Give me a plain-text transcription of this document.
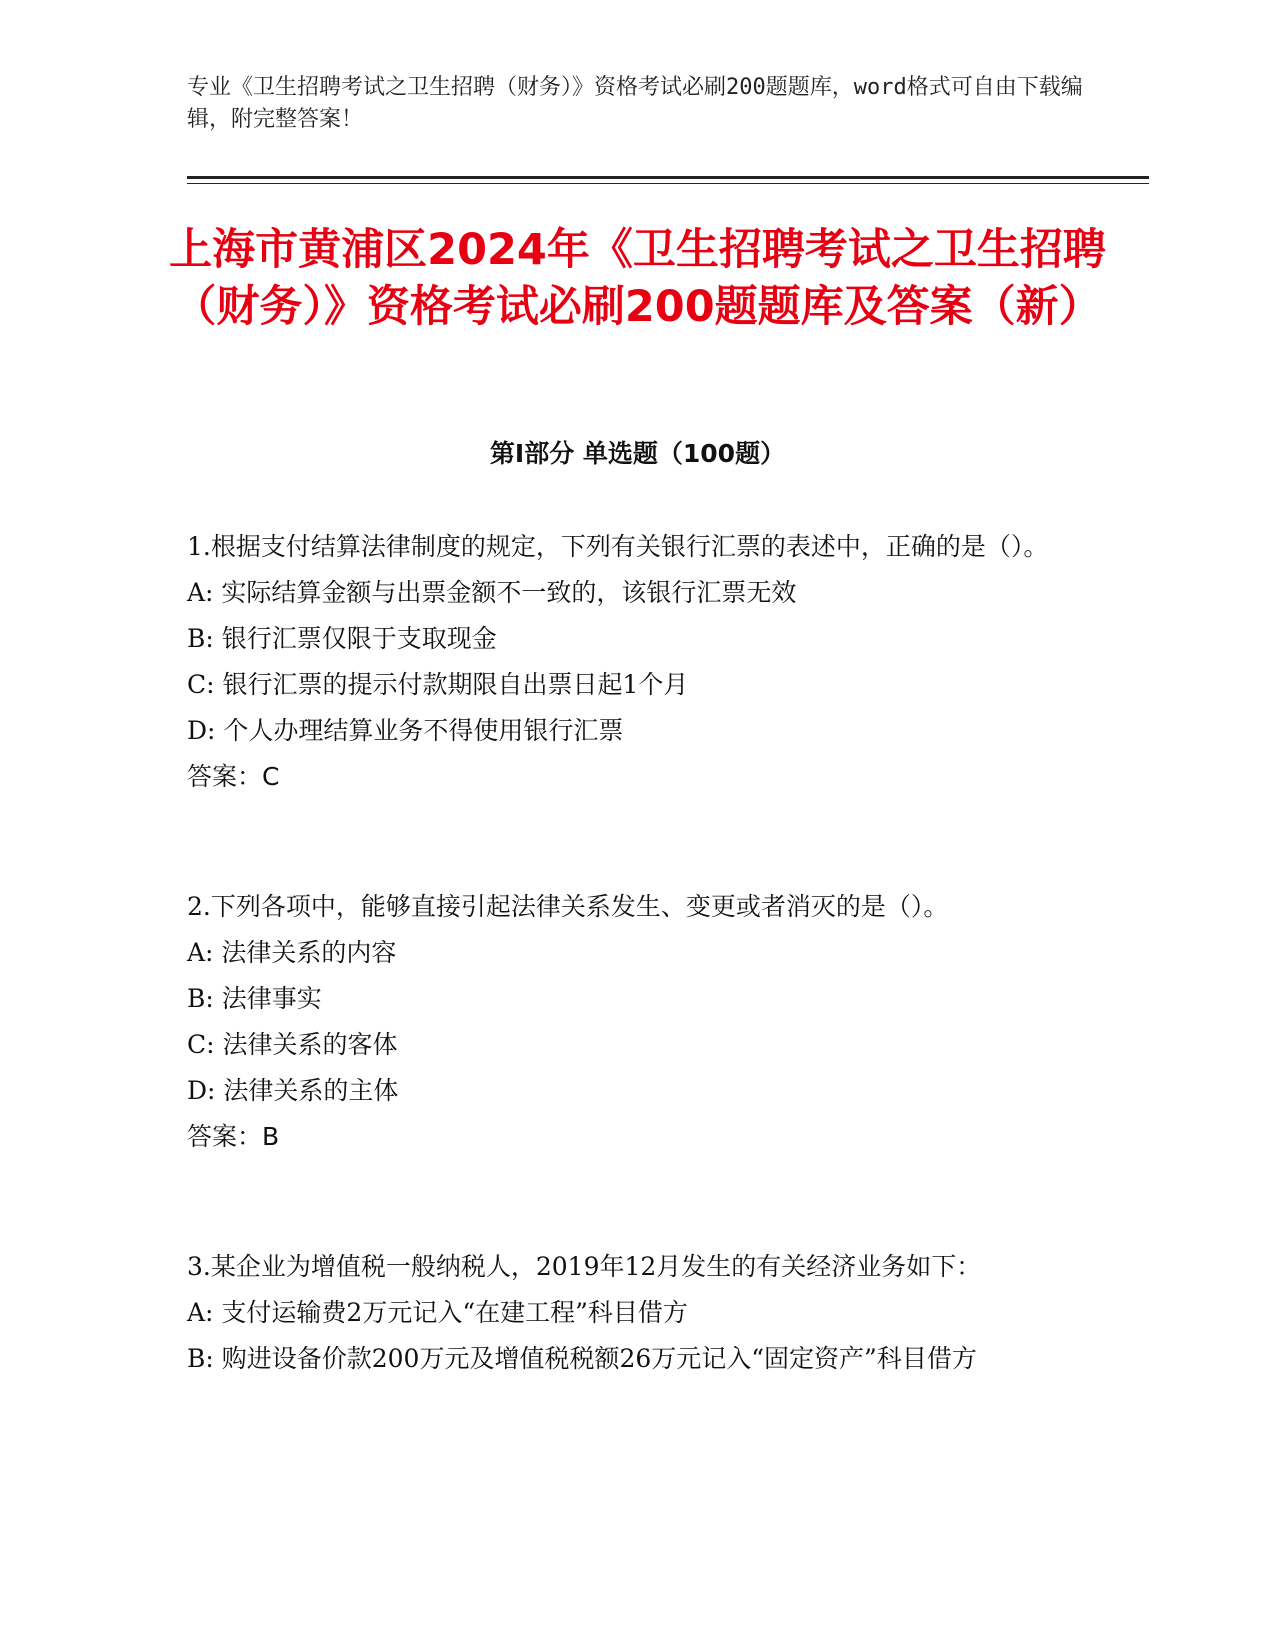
专业《卫生招聘考试之卫生招聘（财务）》资格考试必刷200题题库，word格式可自由下载编辑，附完整答案！
上海市黄浦区2024年《卫生招聘考试之卫生招聘（财务）》资格考试必刷200题题库及答案（新）
第I部分 单选题（100题）

1.根据支付结算法律制度的规定，下列有关银行汇票的表述中，正确的是（）。

A: 实际结算金额与出票金额不一致的，该银行汇票无效

B: 银行汇票仅限于支取现金

C: 银行汇票的提示付款期限自出票日起1个月

D: 个人办理结算业务不得使用银行汇票

答案：C

2.下列各项中，能够直接引起法律关系发生、变更或者消灭的是（）。

A: 法律关系的内容

B: 法律事实

C: 法律关系的客体

D: 法律关系的主体

答案：B

3.某企业为增值税一般纳税人，2019年12月发生的有关经济业务如下：

A: 支付运输费2万元记入“在建工程”科目借方

B: 购进设备价款200万元及增值税税额26万元记入“固定资产”科目借方
